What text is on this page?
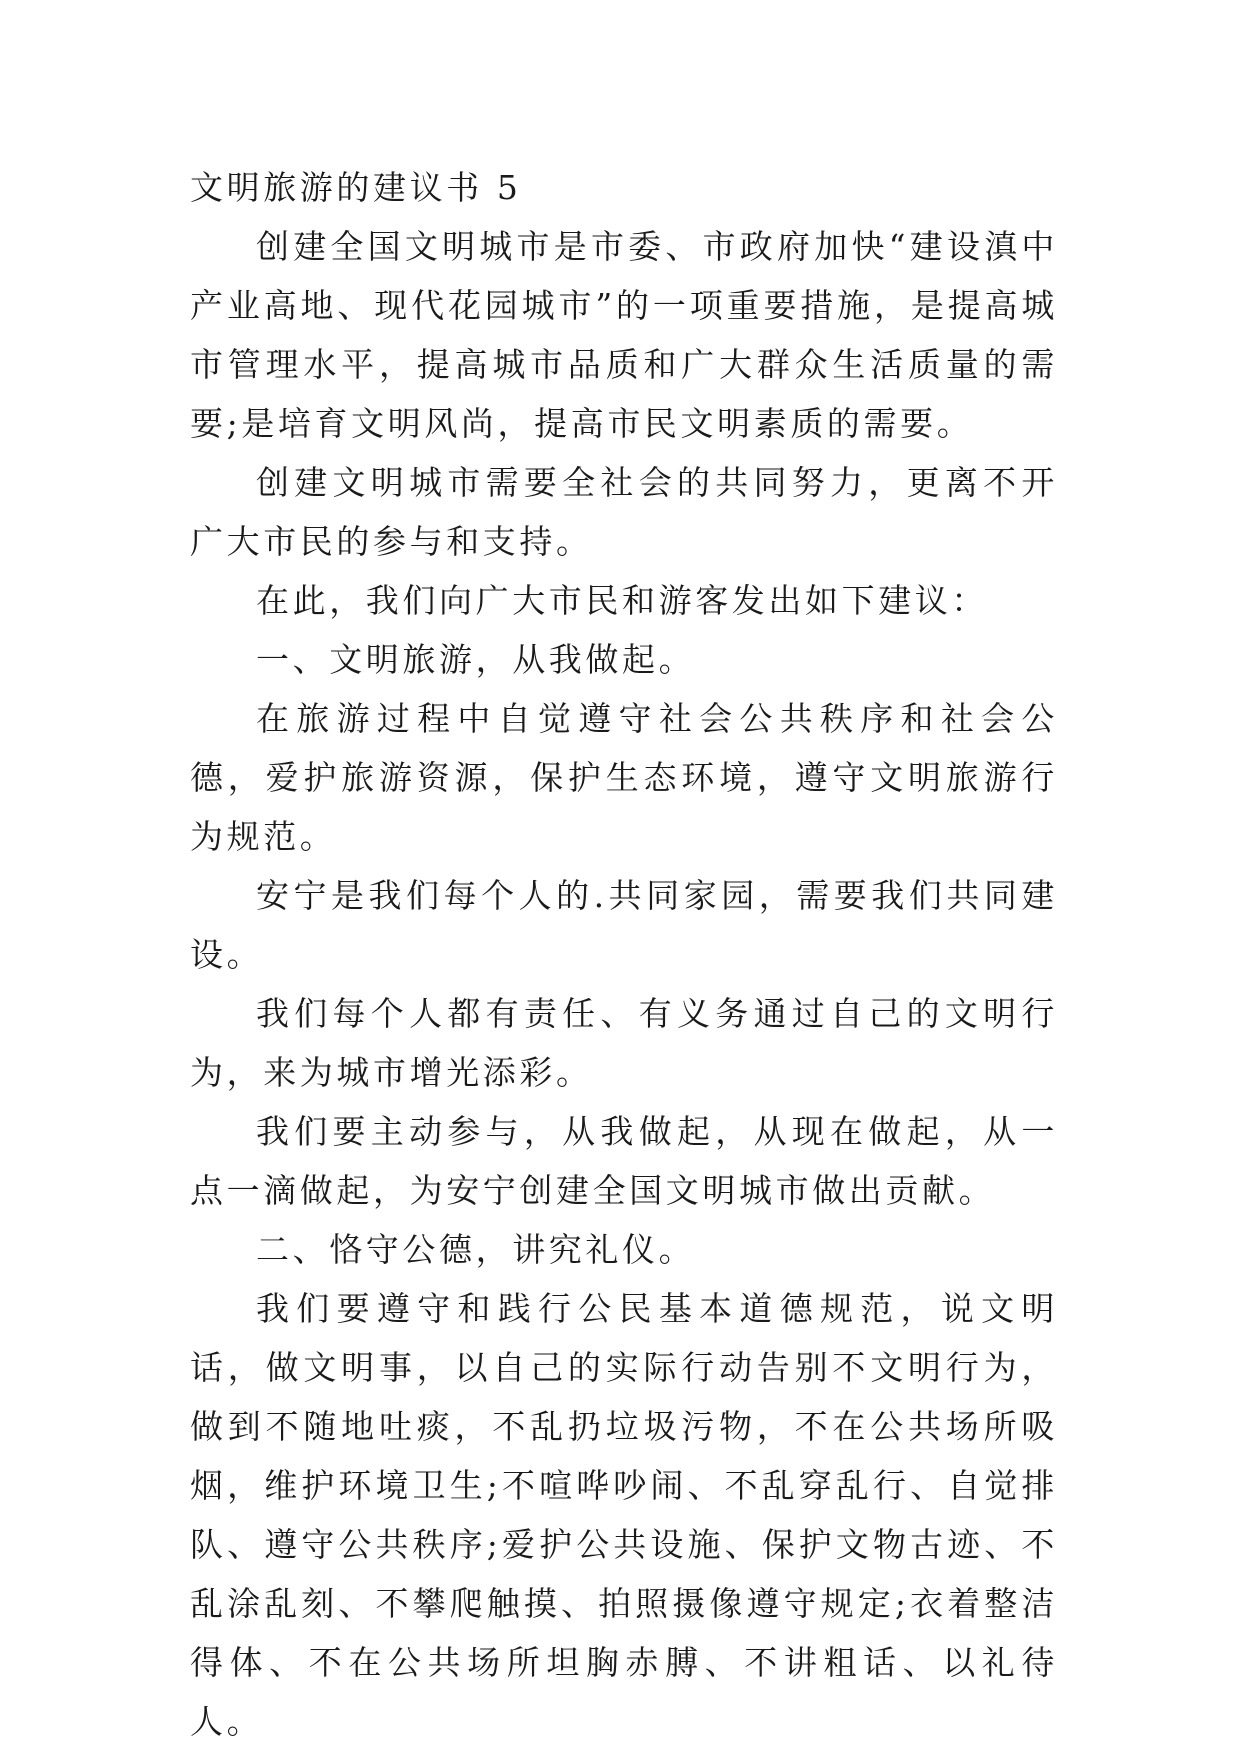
文明旅游的建议书 5

创建全国文明城市是市委、市政府加快“建设滇中产业高地、现代花园城市”的一项重要措施，是提高城市管理水平，提高城市品质和广大群众生活质量的需要;是培育文明风尚，提高市民文明素质的需要。

创建文明城市需要全社会的共同努力，更离不开广大市民的参与和支持。

在此，我们向广大市民和游客发出如下建议：

一、文明旅游，从我做起。

在旅游过程中自觉遵守社会公共秩序和社会公德，爱护旅游资源，保护生态环境，遵守文明旅游行为规范。

安宁是我们每个人的.共同家园，需要我们共同建设。

我们每个人都有责任、有义务通过自己的文明行为，来为城市增光添彩。

我们要主动参与，从我做起，从现在做起，从一点一滴做起，为安宁创建全国文明城市做出贡献。

二、恪守公德，讲究礼仪。

我们要遵守和践行公民基本道德规范，说文明话，做文明事，以自己的实际行动告别不文明行为，做到不随地吐痰，不乱扔垃圾污物，不在公共场所吸烟，维护环境卫生;不喧哗吵闹、不乱穿乱行、自觉排队、遵守公共秩序;爱护公共设施、保护文物古迹、不乱涂乱刻、不攀爬触摸、拍照摄像遵守规定;衣着整洁得体、不在公共场所坦胸赤膊、不讲粗话、以礼待人。
